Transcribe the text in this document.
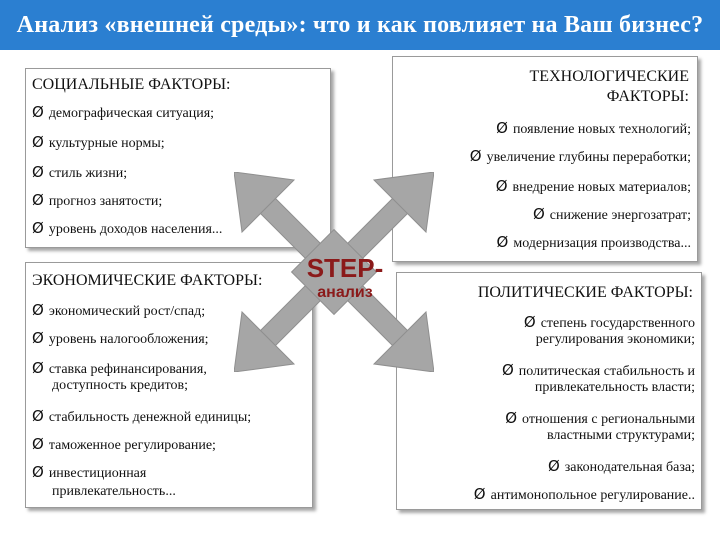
Анализ «внешней среды»: что и как повлияет на Ваш бизнес?
СОЦИАЛЬНЫЕ ФАКТОРЫ:
Ø демографическая ситуация;
Ø культурные нормы;
Ø стиль жизни;
Ø прогноз занятости;
Ø уровень доходов населения...
ЭКОНОМИЧЕСКИЕ ФАКТОРЫ:
Ø экономический рост/спад;
Ø уровень налогообложения;
Ø ставка рефинансирования,
доступность кредитов;
Ø стабильность денежной единицы;
Ø таможенное регулирование;
Ø инвестиционная
привлекательность...
ТЕХНОЛОГИЧЕСКИЕ
ФАКТОРЫ:
Ø появление новых технологий;
Ø увеличение глубины переработки;
Ø внедрение новых материалов;
Ø снижение энергозатрат;
Ø модернизация производства...
ПОЛИТИЧЕСКИЕ ФАКТОРЫ:
Ø степень государственного
регулирования экономики;
Ø политическая стабильность и
привлекательность власти;
Ø отношения с региональными
властными структурами;
Ø законодательная база;
Ø антимонопольное регулирование..
STEP-
анализ
